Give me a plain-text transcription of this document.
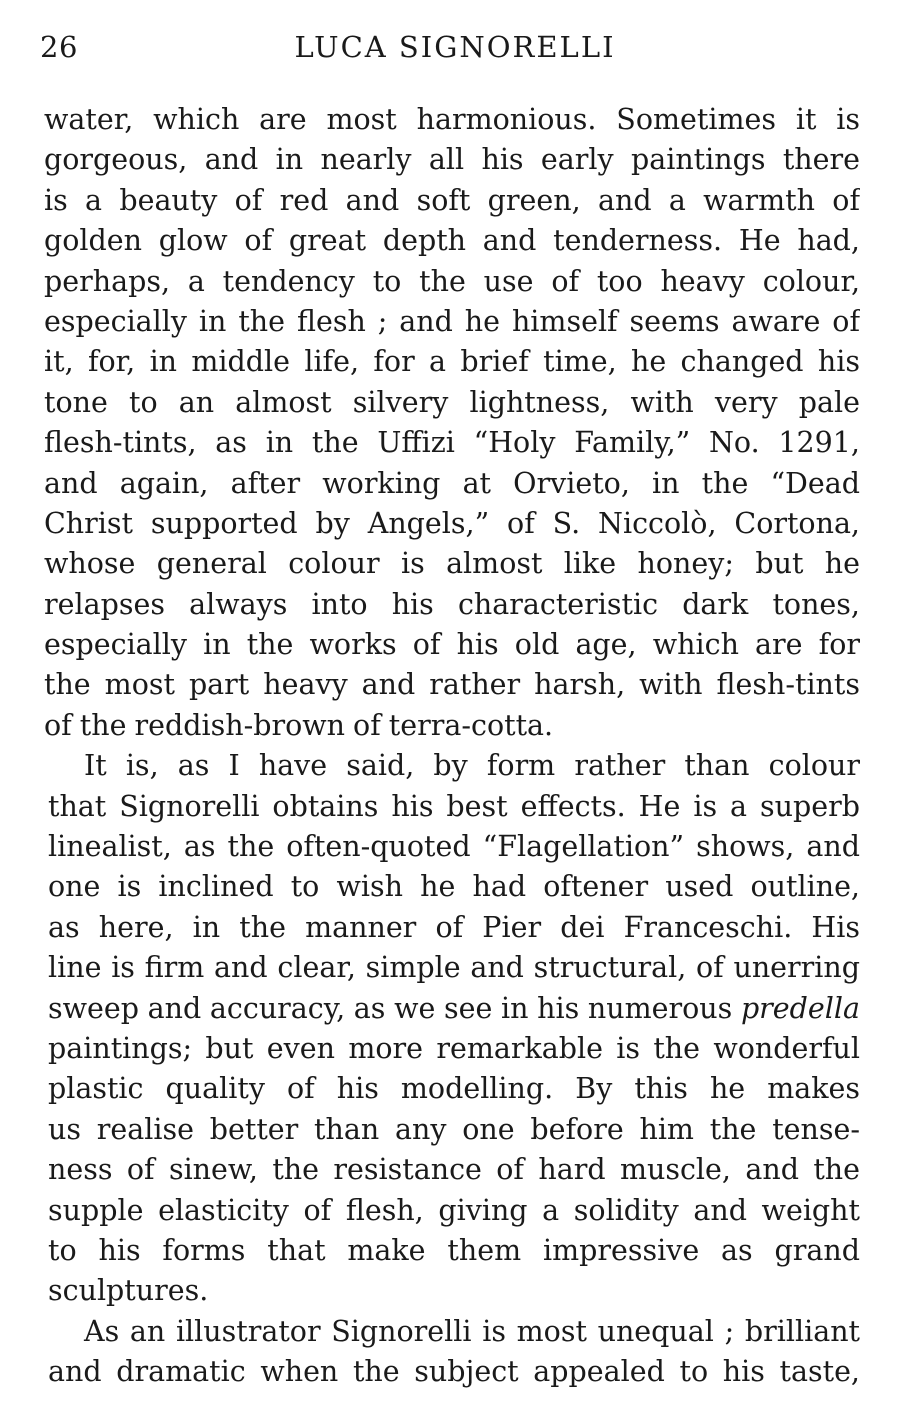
26	LUCA SIGNORELLI
water, which are most harmonious. Sometimes it is
gorgeous, and in nearly all his early paintings there
is a beauty of red and soft green, and a warmth of
golden glow of great depth and tenderness. He had,
perhaps, a tendency to the use of too heavy colour,
especially in the flesh ; and he himself seems aware of
it, for, in middle life, for a brief time, he changed his
tone to an almost silvery lightness, with very pale
flesh-tints, as in the Uffizi “Holy Family,” No. 1291,
and again, after working at Orvieto, in the “Dead
Christ supported by Angels,” of S. Niccolò, Cortona,
whose general colour is almost like honey; but he
relapses always into his characteristic dark tones,
especially in the works of his old age, which are for
the most part heavy and rather harsh, with flesh-tints
of the reddish-brown of terra-cotta.
It is, as I have said, by form rather than colour
that Signorelli obtains his best effects. He is a superb
linealist, as the often-quoted “Flagellation” shows, and
one is inclined to wish he had oftener used outline,
as here, in the manner of Pier dei Franceschi. His
line is firm and clear, simple and structural, of unerring
sweep and accuracy, as we see in his numerous predella
paintings; but even more remarkable is the wonderful
plastic quality of his modelling. By this he makes
us realise better than any one before him the tense-
ness of sinew, the resistance of hard muscle, and the
supple elasticity of flesh, giving a solidity and weight
to his forms that make them impressive as grand
sculptures.
As an illustrator Signorelli is most unequal ; brilliant
and dramatic when the subject appealed to his taste,
